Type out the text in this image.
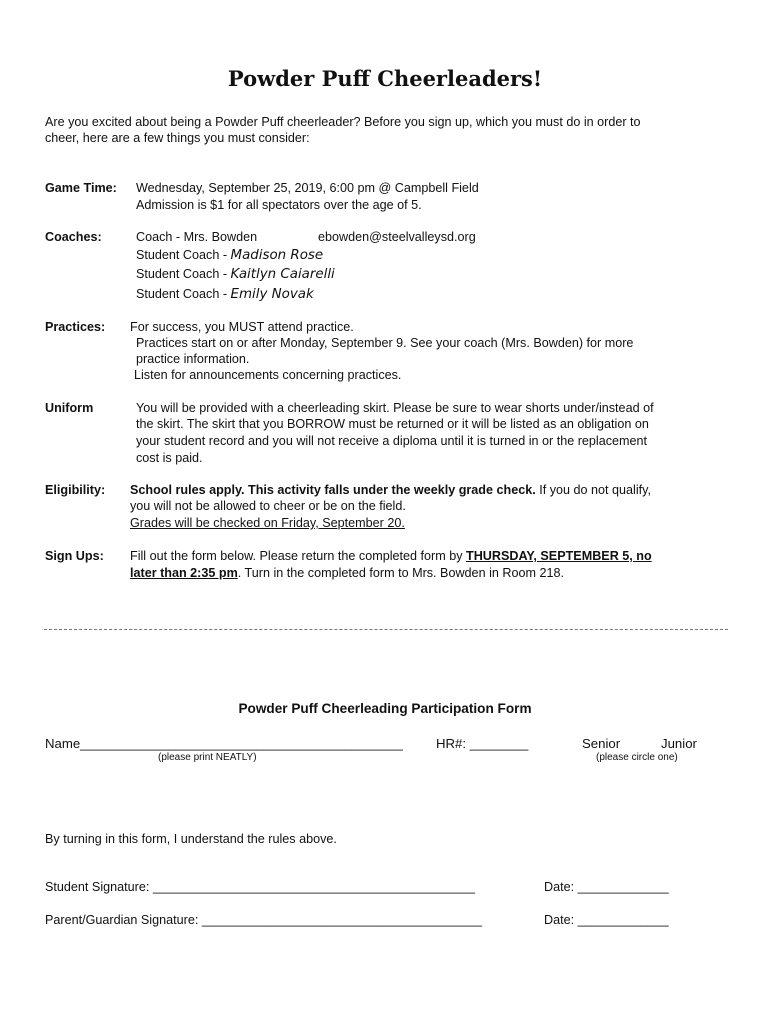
Powder Puff Cheerleaders!
Are you excited about being a Powder Puff cheerleader? Before you sign up, which you must do in order to
cheer, here are a few things you must consider:
Game Time: Wednesday, September 25, 2019, 6:00 pm @ Campbell Field
Admission is $1 for all spectators over the age of 5.
Coaches:	Coach - Mrs. Bowden	ebowden@steelvalleysd.org
Student Coach - Madison Rose
Student Coach - Kaitlyn Caiarelli
Student Coach - Emily Novak
Practices: For success, you MUST attend practice.
Practices start on or after Monday, September 9. See your coach (Mrs. Bowden) for more
practice information.
Listen for announcements concerning practices.
Uniform	You will be provided with a cheerleading skirt. Please be sure to wear shorts under/instead of
the skirt. The skirt that you BORROW must be returned or it will be listed as an obligation on
your student record and you will not receive a diploma until it is turned in or the replacement
cost is paid.
Eligibility: School rules apply. This activity falls under the weekly grade check. If you do not qualify,
you will not be allowed to cheer or be on the field.
Grades will be checked on Friday, September 20.
Sign Ups: Fill out the form below. Please return the completed form by THURSDAY, SEPTEMBER 5, no
later than 2:35 pm. Turn in the completed form to Mrs. Bowden in Room 218.
Powder Puff Cheerleading Participation Form
Name____________________________________________
(please print NEATLY)
HR#: ________	Senior	Junior
(please circle one)
By turning in this form, I understand the rules above.
Student Signature: ______________________________________________	Date: _____________
Parent/Guardian Signature: ________________________________________	Date: _____________
